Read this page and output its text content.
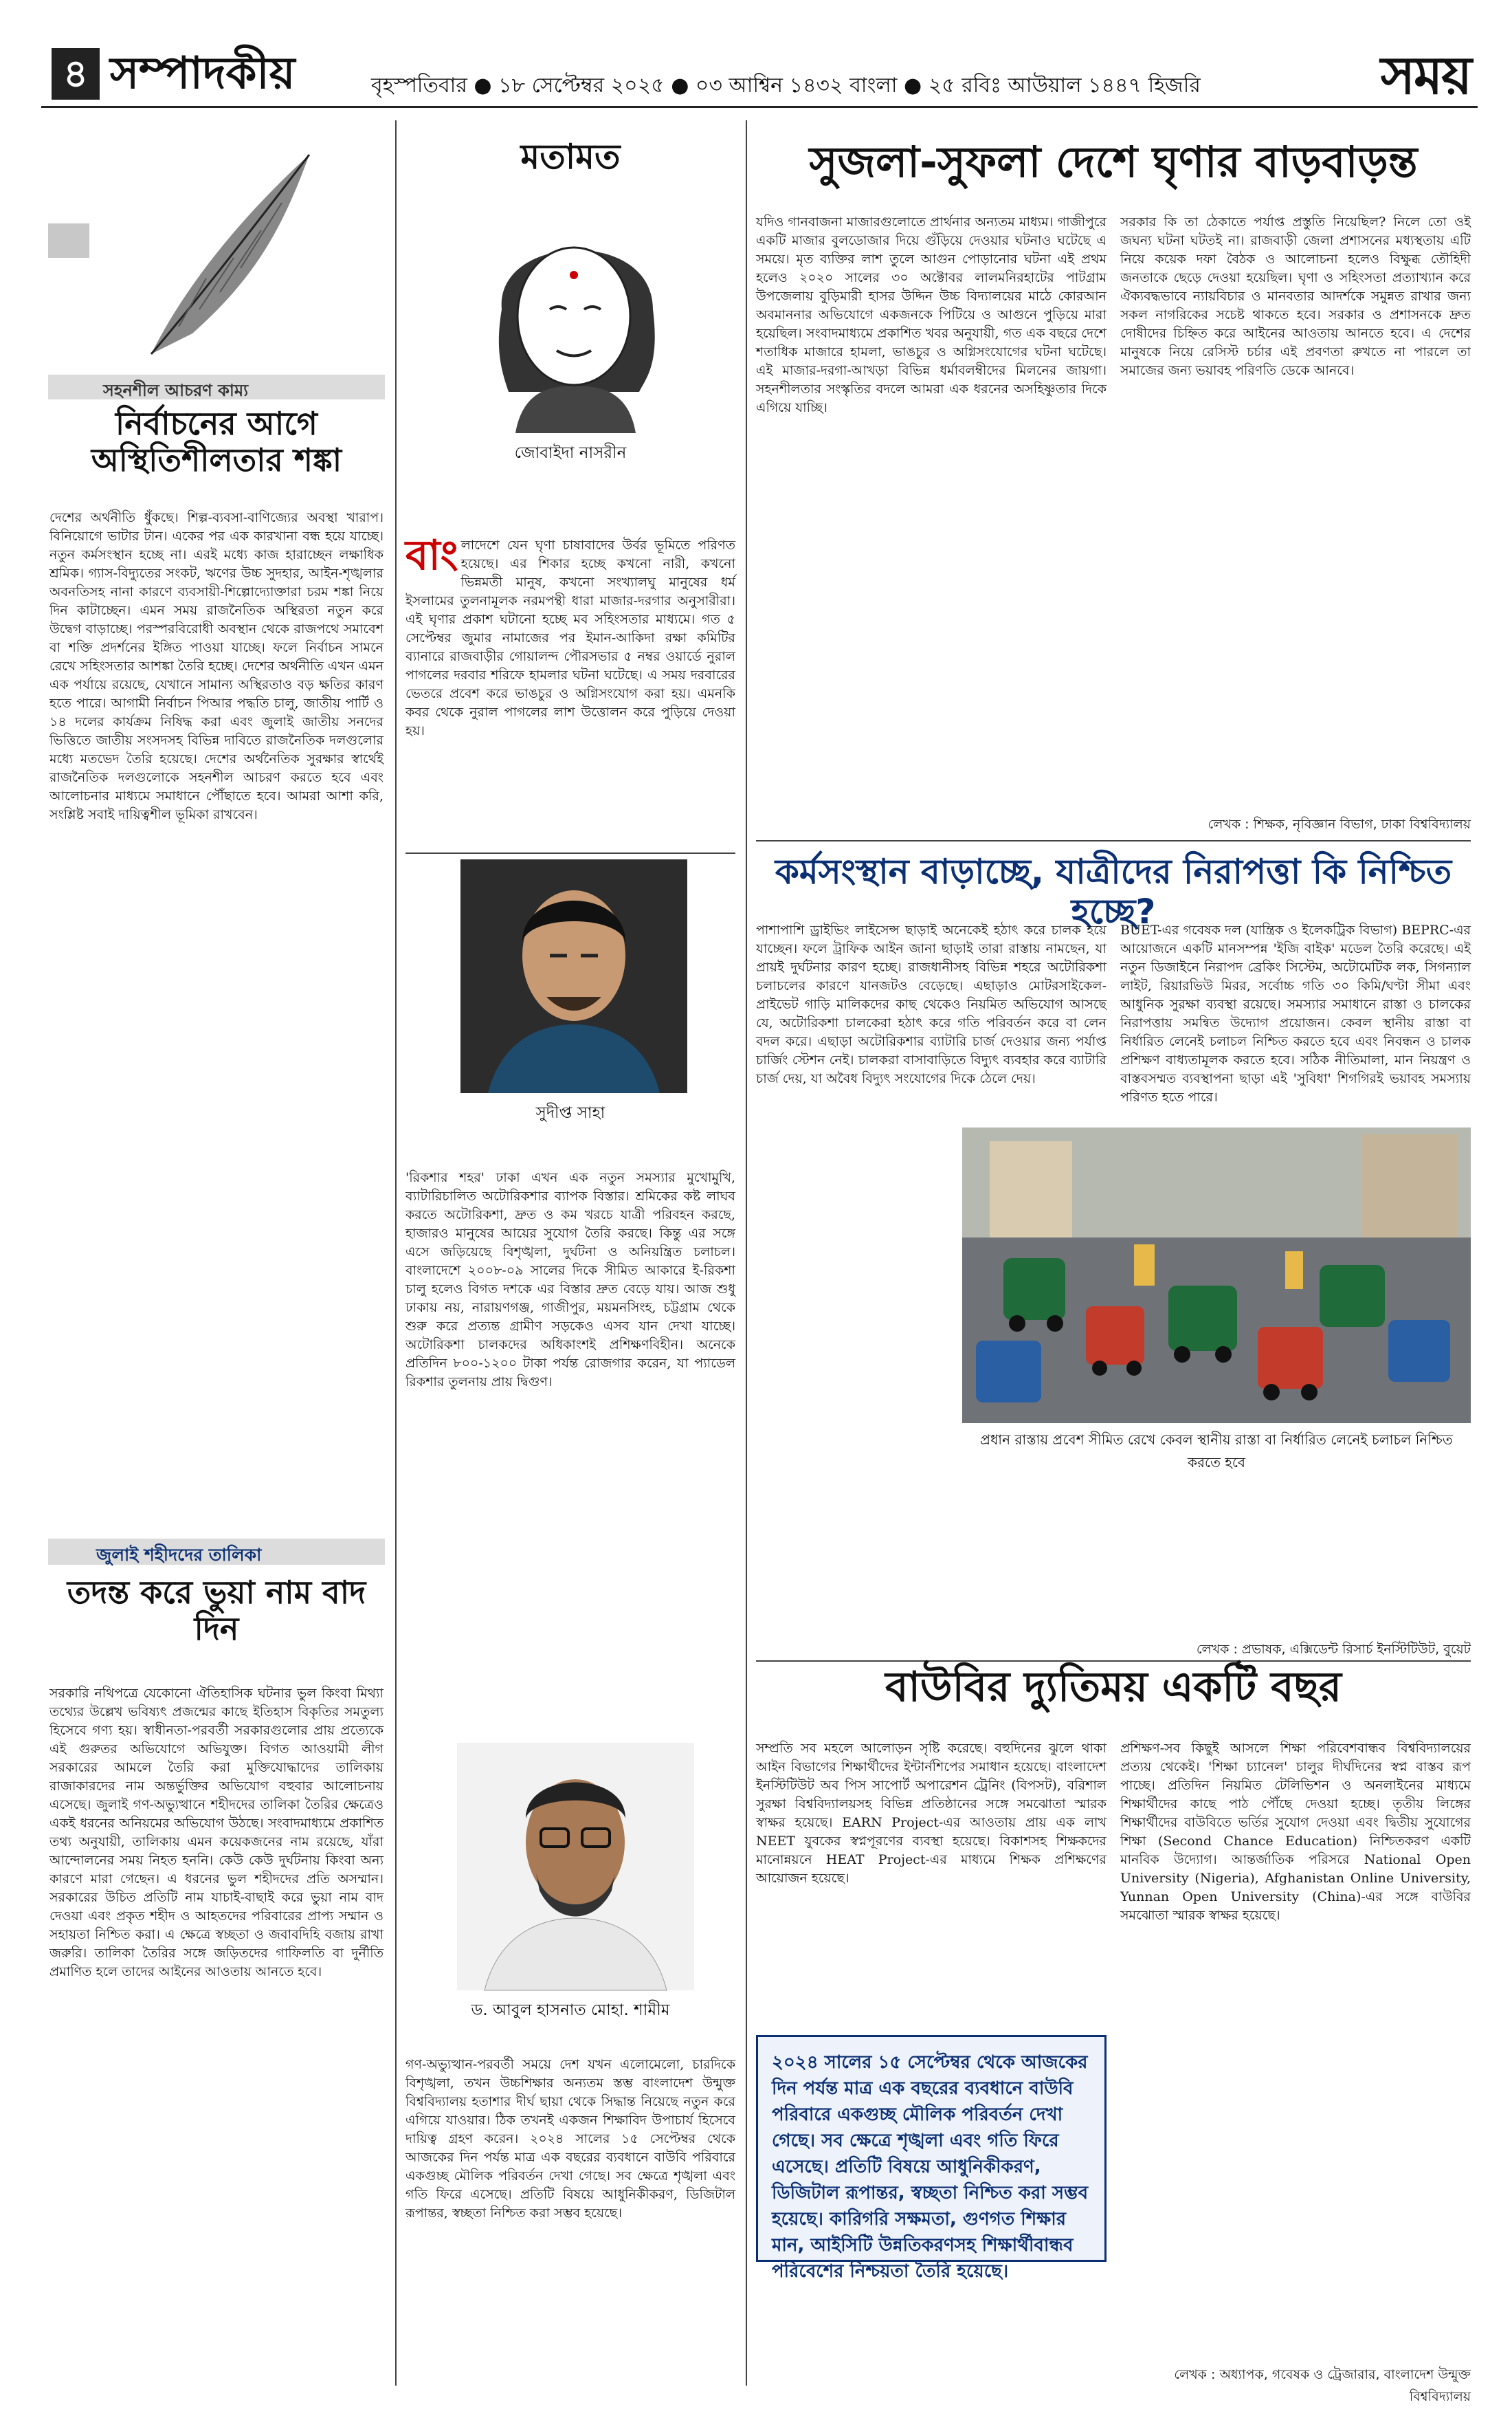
৪ সম্পাদকীয়	বৃহস্পতিবার ● ১৮ সেপ্টেম্বর ২০২৫ ● ০৩ আশ্বিন ১৪৩২ বাংলা ● ২৫ রবিঃ আউয়াল ১৪৪৭ হিজরি	সময়
সহনশীল আচরণ কাম্য
নির্বাচনের আগে অস্থিতিশীলতার শঙ্কা
দেশের অর্থনীতি ধুঁকছে। শিল্প-ব্যবসা-বাণিজ্যের অবস্থা খারাপ। বিনিয়োগে ভাটার টান। একের পর এক কারখানা বন্ধ হয়ে যাচ্ছে। নতুন কর্মসংস্থান হচ্ছে না। এরই মধ্যে কাজ হারাচ্ছেন লক্ষাধিক শ্রমিক। গ্যাস-বিদ্যুতের সংকট, ঋণের উচ্চ সুদহার, আইন-শৃঙ্খলার অবনতিসহ নানা কারণে ব্যবসায়ী-শিল্পোদ্যোক্তারা চরম শঙ্কা নিয়ে দিন কাটাচ্ছেন। এমন সময় রাজনৈতিক অস্থিরতা নতুন করে উদ্বেগ বাড়াচ্ছে। পরস্পরবিরোধী অবস্থান থেকে রাজপথে সমাবেশ বা শক্তি প্রদর্শনের ইঙ্গিত পাওয়া যাচ্ছে। ফলে নির্বাচন সামনে রেখে সহিংসতার আশঙ্কা তৈরি হচ্ছে। দেশের অর্থনীতি এখন এমন এক পর্যায়ে রয়েছে, যেখানে সামান্য অস্থিরতাও বড় ক্ষতির কারণ হতে পারে। আগামী নির্বাচন পিআর পদ্ধতি চালু, জাতীয় পার্টি ও ১৪ দলের কার্যক্রম নিষিদ্ধ করা এবং জুলাই জাতীয় সনদের ভিত্তিতে জাতীয় সংসদসহ বিভিন্ন দাবিতে রাজনৈতিক দলগুলোর মধ্যে মতভেদ তৈরি হয়েছে। দেশের অর্থনৈতিক সুরক্ষার স্বার্থেই রাজনৈতিক দলগুলোকে সহনশীল আচরণ করতে হবে এবং আলোচনার মাধ্যমে সমাধানে পৌঁছাতে হবে। আমরা আশা করি, সংশ্লিষ্ট সবাই দায়িত্বশীল ভূমিকা রাখবেন।
জুলাই শহীদদের তালিকা
তদন্ত করে ভুয়া নাম বাদ দিন
সরকারি নথিপত্রে যেকোনো ঐতিহাসিক ঘটনার ভুল কিংবা মিথ্যা তথ্যের উল্লেখ ভবিষ্যৎ প্রজন্মের কাছে ইতিহাস বিকৃতির সমতুল্য হিসেবে গণ্য হয়। স্বাধীনতা-পরবর্তী সরকারগুলোর প্রায় প্রত্যেকে এই গুরুতর অভিযোগে অভিযুক্ত। বিগত আওয়ামী লীগ সরকারের আমলে তৈরি করা মুক্তিযোদ্ধাদের তালিকায় রাজাকারদের নাম অন্তর্ভুক্তির অভিযোগ বহুবার আলোচনায় এসেছে। জুলাই গণ-অভ্যুত্থানে শহীদদের তালিকা তৈরির ক্ষেত্রেও একই ধরনের অনিয়মের অভিযোগ উঠছে। সংবাদমাধ্যমে প্রকাশিত তথ্য অনুযায়ী, তালিকায় এমন কয়েকজনের নাম রয়েছে, যাঁরা আন্দোলনের সময় নিহত হননি। কেউ কেউ দুর্ঘটনায় কিংবা অন্য কারণে মারা গেছেন। এ ধরনের ভুল শহীদদের প্রতি অসম্মান। সরকারের উচিত প্রতিটি নাম যাচাই-বাছাই করে ভুয়া নাম বাদ দেওয়া এবং প্রকৃত শহীদ ও আহতদের পরিবারের প্রাপ্য সম্মান ও সহায়তা নিশ্চিত করা। এ ক্ষেত্রে স্বচ্ছতা ও জবাবদিহি বজায় রাখা জরুরি। তালিকা তৈরির সঙ্গে জড়িতদের গাফিলতি বা দুর্নীতি প্রমাণিত হলে তাদের আইনের আওতায় আনতে হবে।
মতামত
জোবাইদা নাসরীন
বাংলাদেশে যেন ঘৃণা চাষাবাদের উর্বর ভূমিতে পরিণত হয়েছে। এর শিকার হচ্ছে কখনো নারী, কখনো ভিন্নমতী মানুষ, কখনো সংখ্যালঘু মানুষের ধর্ম ইসলামের তুলনামূলক নরমপন্থী ধারা মাজার-দরগার অনুসারীরা। এই ঘৃণার প্রকাশ ঘটানো হচ্ছে মব সহিংসতার মাধ্যমে। গত ৫ সেপ্টেম্বর জুমার নামাজের পর ইমান-আকিদা রক্ষা কমিটির ব্যানারে রাজবাড়ীর গোয়ালন্দ পৌরসভার ৫ নম্বর ওয়ার্ডে নুরাল পাগলের দরবার শরিফে হামলার ঘটনা ঘটেছে। এ সময় দরবারের ভেতরে প্রবেশ করে ভাঙচুর ও অগ্নিসংযোগ করা হয়। এমনকি কবর থেকে নুরাল পাগলের লাশ উত্তোলন করে পুড়িয়ে দেওয়া হয়।
সুদীপ্ত সাহা
'রিকশার শহর' ঢাকা এখন এক নতুন সমস্যার মুখোমুখি, ব্যাটারিচালিত অটোরিকশার ব্যাপক বিস্তার। শ্রমিকের কষ্ট লাঘব করতে অটোরিকশা, দ্রুত ও কম খরচে যাত্রী পরিবহন করছে, হাজারও মানুষের আয়ের সুযোগ তৈরি করছে। কিন্তু এর সঙ্গে এসে জড়িয়েছে বিশৃঙ্খলা, দুর্ঘটনা ও অনিয়ন্ত্রিত চলাচল। বাংলাদেশে ২০০৮-০৯ সালের দিকে সীমিত আকারে ই-রিকশা চালু হলেও বিগত দশকে এর বিস্তার দ্রুত বেড়ে যায়। আজ শুধু ঢাকায় নয়, নারায়ণগঞ্জ, গাজীপুর, ময়মনসিংহ, চট্টগ্রাম থেকে শুরু করে প্রত্যন্ত গ্রামীণ সড়কেও এসব যান দেখা যাচ্ছে। অটোরিকশা চালকদের অধিকাংশই প্রশিক্ষণবিহীন। অনেকে প্রতিদিন ৮০০-১২০০ টাকা পর্যন্ত রোজগার করেন, যা প্যাডেল রিকশার তুলনায় প্রায় দ্বিগুণ।
ড. আবুল হাসনাত মোহা. শামীম
গণ-অভ্যুত্থান-পরবর্তী সময়ে দেশ যখন এলোমেলো, চারদিকে বিশৃঙ্খলা, তখন উচ্চশিক্ষার অন্যতম স্তম্ভ বাংলাদেশ উন্মুক্ত বিশ্ববিদ্যালয় হতাশার দীর্ঘ ছায়া থেকে সিদ্ধান্ত নিয়েছে নতুন করে এগিয়ে যাওয়ার। ঠিক তখনই একজন শিক্ষাবিদ উপাচার্য হিসেবে দায়িত্ব গ্রহণ করেন। ২০২৪ সালের ১৫ সেপ্টেম্বর থেকে আজকের দিন পর্যন্ত মাত্র এক বছরের ব্যবধানে বাউবি পরিবারে একগুচ্ছ মৌলিক পরিবর্তন দেখা গেছে। সব ক্ষেত্রে শৃঙ্খলা এবং গতি ফিরে এসেছে। প্রতিটি বিষয়ে আধুনিকীকরণ, ডিজিটাল রূপান্তর, স্বচ্ছতা নিশ্চিত করা সম্ভব হয়েছে।
সুজলা-সুফলা দেশে ঘৃণার বাড়বাড়ন্ত
যদিও গানবাজনা মাজারগুলোতে প্রার্থনার অন্যতম মাধ্যম। গাজীপুরে একটি মাজার বুলডোজার দিয়ে গুঁড়িয়ে দেওয়ার ঘটনাও ঘটেছে এ সময়ে। মৃত ব্যক্তির লাশ তুলে আগুন পোড়ানোর ঘটনা এই প্রথম হলেও ২০২০ সালের ৩০ অক্টোবর লালমনিরহাটের পাটগ্রাম উপজেলায় বুড়িমারী হাসর উদ্দিন উচ্চ বিদ্যালয়ের মাঠে কোরআন অবমাননার অভিযোগে একজনকে পিটিয়ে ও আগুনে পুড়িয়ে মারা হয়েছিল। সংবাদমাধ্যমে প্রকাশিত খবর অনুযায়ী, গত এক বছরে দেশে শতাধিক মাজারে হামলা, ভাঙচুর ও অগ্নিসংযোগের ঘটনা ঘটেছে। এই মাজার-দরগা-আখড়া বিভিন্ন ধর্মাবলম্বীদের মিলনের জায়গা। সহনশীলতার সংস্কৃতির বদলে আমরা এক ধরনের অসহিষ্ণুতার দিকে এগিয়ে যাচ্ছি।
সরকার কি তা ঠেকাতে পর্যাপ্ত প্রস্তুতি নিয়েছিল? নিলে তো ওই জঘন্য ঘটনা ঘটতই না। রাজবাড়ী জেলা প্রশাসনের মধ্যস্থতায় এটি নিয়ে কয়েক দফা বৈঠক ও আলোচনা হলেও বিক্ষুব্ধ তৌহিদী জনতাকে ছেড়ে দেওয়া হয়েছিল। ঘৃণা ও সহিংসতা প্রত্যাখ্যান করে ঐক্যবদ্ধভাবে ন্যায়বিচার ও মানবতার আদর্শকে সমুন্নত রাখার জন্য সকল নাগরিকের সচেষ্ট থাকতে হবে। সরকার ও প্রশাসনকে দ্রুত দোষীদের চিহ্নিত করে আইনের আওতায় আনতে হবে। এ দেশের মানুষকে নিয়ে রেসিস্ট চর্চার এই প্রবণতা রুখতে না পারলে তা সমাজের জন্য ভয়াবহ পরিণতি ডেকে আনবে।
লেখক : শিক্ষক, নৃবিজ্ঞান বিভাগ, ঢাকা বিশ্ববিদ্যালয়
কর্মসংস্থান বাড়াচ্ছে, যাত্রীদের নিরাপত্তা কি নিশ্চিত হচ্ছে?
পাশাপাশি ড্রাইভিং লাইসেন্স ছাড়াই অনেকেই হঠাৎ করে চালক হয়ে যাচ্ছেন। ফলে ট্রাফিক আইন জানা ছাড়াই তারা রাস্তায় নামছেন, যা প্রায়ই দুর্ঘটনার কারণ হচ্ছে। রাজধানীসহ বিভিন্ন শহরে অটোরিকশা চলাচলের কারণে যানজটও বেড়েছে। এছাড়াও মোটরসাইকেল-প্রাইভেট গাড়ি মালিকদের কাছ থেকেও নিয়মিত অভিযোগ আসছে যে, অটোরিকশা চালকেরা হঠাৎ করে গতি পরিবর্তন করে বা লেন বদল করে। এছাড়া অটোরিকশার ব্যাটারি চার্জ দেওয়ার জন্য পর্যাপ্ত চার্জিং স্টেশন নেই। চালকরা বাসাবাড়িতে বিদ্যুৎ ব্যবহার করে ব্যাটারি চার্জ দেয়, যা অবৈধ বিদ্যুৎ সংযোগের দিকে ঠেলে দেয়।
BUET-এর গবেষক দল (যান্ত্রিক ও ইলেকট্রিক বিভাগ) BEPRC-এর আয়োজনে একটি মানসম্পন্ন 'ইজি বাইক' মডেল তৈরি করেছে। এই নতুন ডিজাইনে নিরাপদ ব্রেকিং সিস্টেম, অটোমেটিক লক, সিগন্যাল লাইট, রিয়ারভিউ মিরর, সর্বোচ্চ গতি ৩০ কিমি/ঘণ্টা সীমা এবং আধুনিক সুরক্ষা ব্যবস্থা রয়েছে। সমস্যার সমাধানে রাস্তা ও চালকের নিরাপত্তায় সমন্বিত উদ্যোগ প্রয়োজন। কেবল স্থানীয় রাস্তা বা নির্ধারিত লেনেই চলাচল নিশ্চিত করতে হবে এবং নিবন্ধন ও চালক প্রশিক্ষণ বাধ্যতামূলক করতে হবে। সঠিক নীতিমালা, মান নিয়ন্ত্রণ ও বাস্তবসম্মত ব্যবস্থাপনা ছাড়া এই 'সুবিধা' শিগগিরই ভয়াবহ সমস্যায় পরিণত হতে পারে।
প্রধান রাস্তায় প্রবেশ সীমিত রেখে কেবল স্থানীয় রাস্তা বা নির্ধারিত লেনেই চলাচল নিশ্চিত করতে হবে
লেখক : প্রভাষক, এক্সিডেন্ট রিসার্চ ইনস্টিটিউট, বুয়েট
বাউবির দ্যুতিময় একটি বছর
সম্প্রতি সব মহলে আলোড়ন সৃষ্টি করেছে। বহুদিনের ঝুলে থাকা আইন বিভাগের শিক্ষার্থীদের ইন্টার্নশিপের সমাধান হয়েছে। বাংলাদেশ ইনস্টিটিউট অব পিস সাপোর্ট অপারেশন ট্রেনিং (বিপসট), বরিশাল সুরক্ষা বিশ্ববিদ্যালয়সহ বিভিন্ন প্রতিষ্ঠানের সঙ্গে সমঝোতা স্মারক স্বাক্ষর হয়েছে। EARN Project-এর আওতায় প্রায় এক লাখ NEET যুবকের স্বপ্নপূরণের ব্যবস্থা হয়েছে। বিকাশসহ শিক্ষকদের মানোন্নয়নে HEAT Project-এর মাধ্যমে শিক্ষক প্রশিক্ষণের আয়োজন হয়েছে।
২০২৪ সালের ১৫ সেপ্টেম্বর থেকে আজকের দিন পর্যন্ত মাত্র এক বছরের ব্যবধানে বাউবি পরিবারে একগুচ্ছ মৌলিক পরিবর্তন দেখা গেছে। সব ক্ষেত্রে শৃঙ্খলা এবং গতি ফিরে এসেছে। প্রতিটি বিষয়ে আধুনিকীকরণ, ডিজিটাল রূপান্তর, স্বচ্ছতা নিশ্চিত করা সম্ভব হয়েছে। কারিগরি সক্ষমতা, গুণগত শিক্ষার মান, আইসিটি উন্নতিকরণসহ শিক্ষার্থীবান্ধব পরিবেশের নিশ্চয়তা তৈরি হয়েছে।
প্রশিক্ষণ-সব কিছুই আসলে শিক্ষা পরিবেশবান্ধব বিশ্ববিদ্যালয়ের প্রত্যয় থেকেই। 'শিক্ষা চ্যানেল' চালুর দীর্ঘদিনের স্বপ্ন বাস্তব রূপ পাচ্ছে। প্রতিদিন নিয়মিত টেলিভিশন ও অনলাইনের মাধ্যমে শিক্ষার্থীদের কাছে পাঠ পৌঁছে দেওয়া হচ্ছে। তৃতীয় লিঙ্গের শিক্ষার্থীদের বাউবিতে ভর্তির সুযোগ দেওয়া এবং দ্বিতীয় সুযোগের শিক্ষা (Second Chance Education) নিশ্চিতকরণ একটি মানবিক উদ্যোগ। আন্তর্জাতিক পরিসরে National Open University (Nigeria), Afghanistan Online University, Yunnan Open University (China)-এর সঙ্গে বাউবির সমঝোতা স্মারক স্বাক্ষর হয়েছে।
লেখক : অধ্যাপক, গবেষক ও ট্রেজারার, বাংলাদেশ উন্মুক্ত বিশ্ববিদ্যালয়
